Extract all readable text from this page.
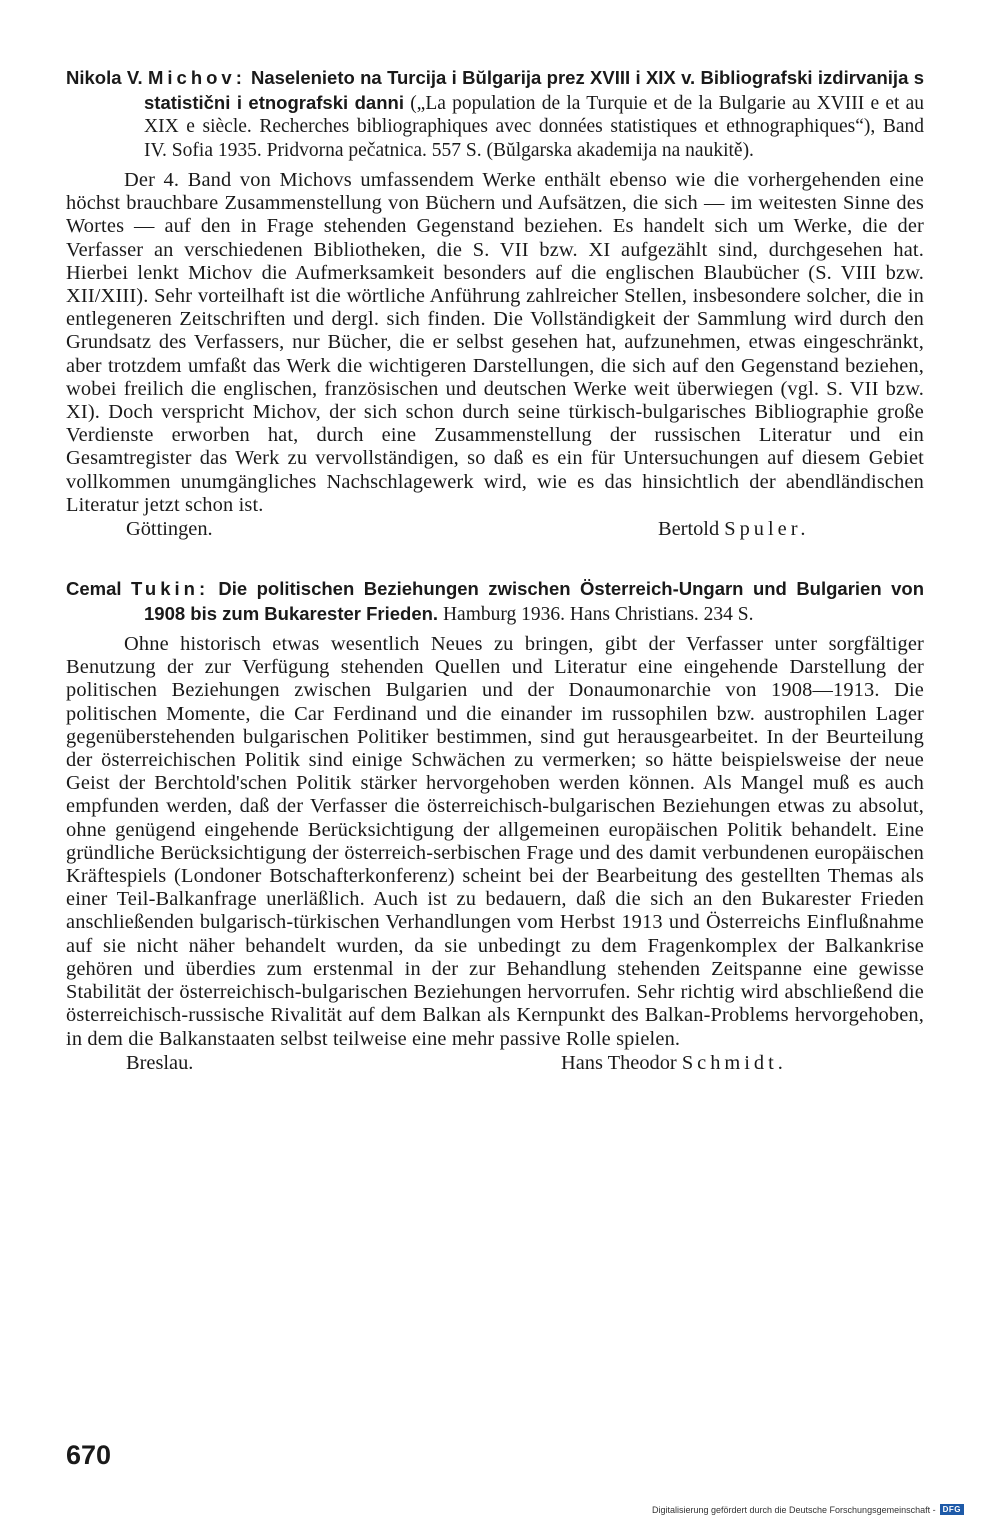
Nikola V. Michov: Naselenieto na Turcija i Bŭlgarija prez XVIII i XIX v. Bibliografski izdirvanija s statistični i etnografski danni („La population de la Turquie et de la Bulgarie au XVIII e et au XIX e siècle. Recherches bibliographiques avec données statistiques et ethnographiques“), Band IV. Sofia 1935. Pridvorna pečatnica. 557 S. (Bŭlgarska akademija na naukitě).

Der 4. Band von Michovs umfassendem Werke enthält ebenso wie die vorhergehenden eine höchst brauchbare Zusammenstellung von Büchern und Aufsätzen, die sich — im weitesten Sinne des Wortes — auf den in Frage stehenden Gegenstand beziehen. Es handelt sich um Werke, die der Verfasser an verschiedenen Bibliotheken, die S. VII bzw. XI aufgezählt sind, durchgesehen hat. Hierbei lenkt Michov die Aufmerksamkeit besonders auf die englischen Blaubücher (S. VIII bzw. XII/XIII). Sehr vorteilhaft ist die wörtliche Anführung zahlreicher Stellen, insbesondere solcher, die in entlegeneren Zeitschriften und dergl. sich finden. Die Vollständigkeit der Sammlung wird durch den Grundsatz des Verfassers, nur Bücher, die er selbst gesehen hat, aufzunehmen, etwas eingeschränkt, aber trotzdem umfaßt das Werk die wichtigeren Darstellungen, die sich auf den Gegenstand beziehen, wobei freilich die englischen, französischen und deutschen Werke weit überwiegen (vgl. S. VII bzw. XI). Doch verspricht Michov, der sich schon durch seine türkisch-bulgarisches Bibliographie große Verdienste erworben hat, durch eine Zusammenstellung der russischen Literatur und ein Gesamtregister das Werk zu vervollständigen, so daß es ein für Untersuchungen auf diesem Gebiet vollkommen unumgängliches Nachschlagewerk wird, wie es das hinsichtlich der abendländischen Literatur jetzt schon ist.

Göttingen.	Bertold Spuler.

Cemal Tukin: Die politischen Beziehungen zwischen Österreich-Ungarn und Bulgarien von 1908 bis zum Bukarester Frieden. Hamburg 1936. Hans Christians. 234 S.

Ohne historisch etwas wesentlich Neues zu bringen, gibt der Verfasser unter sorgfältiger Benutzung der zur Verfügung stehenden Quellen und Literatur eine eingehende Darstellung der politischen Beziehungen zwischen Bulgarien und der Donaumonarchie von 1908—1913. Die politischen Momente, die Car Ferdinand und die einander im russophilen bzw. austrophilen Lager gegenüberstehenden bulgarischen Politiker bestimmen, sind gut herausgearbeitet. In der Beurteilung der österreichischen Politik sind einige Schwächen zu vermerken; so hätte beispielsweise der neue Geist der Berchtold'schen Politik stärker hervorgehoben werden können. Als Mangel muß es auch empfunden werden, daß der Verfasser die österreichisch-bulgarischen Beziehungen etwas zu absolut, ohne genügend eingehende Berücksichtigung der allgemeinen europäischen Politik behandelt. Eine gründliche Berücksichtigung der österreich-serbischen Frage und des damit verbundenen europäischen Kräftespiels (Londoner Botschafterkonferenz) scheint bei der Bearbeitung des gestellten Themas als einer Teil-Balkanfrage unerläßlich. Auch ist zu bedauern, daß die sich an den Bukarester Frieden anschließenden bulgarisch-türkischen Verhandlungen vom Herbst 1913 und Österreichs Einflußnahme auf sie nicht näher behandelt wurden, da sie unbedingt zu dem Fragenkomplex der Balkankrise gehören und überdies zum erstenmal in der zur Behandlung stehenden Zeitspanne eine gewisse Stabilität der österreichisch-bulgarischen Beziehungen hervorrufen. Sehr richtig wird abschließend die österreichisch-russische Rivalität auf dem Balkan als Kernpunkt des Balkan-Problems hervorgehoben, in dem die Balkanstaaten selbst teilweise eine mehr passive Rolle spielen.

Breslau.	Hans Theodor Schmidt.
670
Digitalisierung gefördert durch die Deutsche Forschungsgemeinschaft - DFG
